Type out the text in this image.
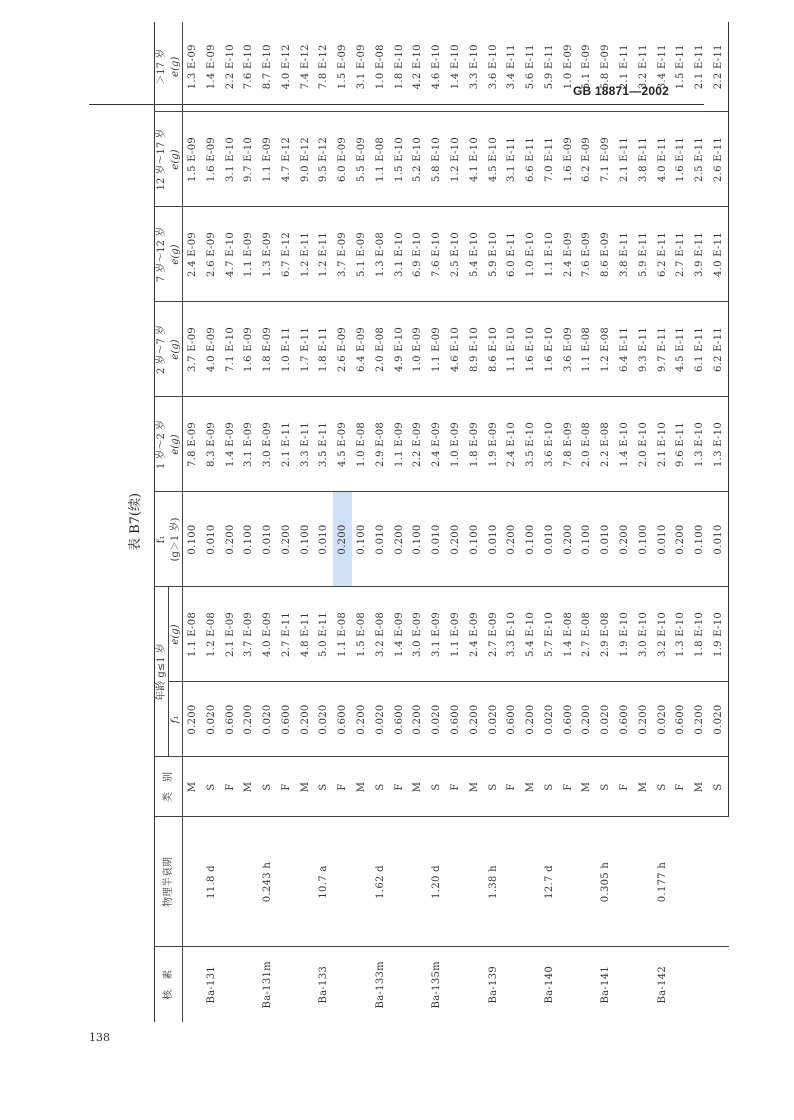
GB 18871—2002
表 B7(续)
核　素	物理半衰期	类　别	年龄 g≤1 岁		f₁	1 岁～2 岁	2 岁～7 岁	7 岁～12 岁	12 岁～17 岁	＞17 岁
			f₁	e(g)	(g＞1 岁)	e(g)	e(g)	e(g)	e(g)	e(g)
Ba-131	11.8 d	M	0.200	1.1 E-08	0.100	7.8 E-09	3.7 E-09	2.4 E-09	1.5 E-09	1.3 E-09
		S	0.020	1.2 E-08	0.010	8.3 E-09	4.0 E-09	2.6 E-09	1.6 E-09	1.4 E-09
		F	0.600	2.1 E-09	0.200	1.4 E-09	7.1 E-10	4.7 E-10	3.1 E-10	2.2 E-10
Ba-131m	0.243 h	M	0.200	3.7 E-09	0.100	3.1 E-09	1.6 E-09	1.1 E-09	9.7 E-10	7.6 E-10
		S	0.020	4.0 E-09	0.010	3.0 E-09	1.8 E-09	1.3 E-09	1.1 E-09	8.7 E-10
		F	0.600	2.7 E-11	0.200	2.1 E-11	1.0 E-11	6.7 E-12	4.7 E-12	4.0 E-12
Ba-133	10.7 a	M	0.200	4.8 E-11	0.100	3.3 E-11	1.7 E-11	1.2 E-11	9.0 E-12	7.4 E-12
		S	0.020	5.0 E-11	0.010	3.5 E-11	1.8 E-11	1.2 E-11	9.5 E-12	7.8 E-12
		F	0.600	1.1 E-08	0.200	4.5 E-09	2.6 E-09	3.7 E-09	6.0 E-09	1.5 E-09
Ba-133m	1.62 d	M	0.200	1.5 E-08	0.100	1.0 E-08	6.4 E-09	5.1 E-09	5.5 E-09	3.1 E-09
		S	0.020	3.2 E-08	0.010	2.9 E-08	2.0 E-08	1.3 E-08	1.1 E-08	1.0 E-08
		F	0.600	1.4 E-09	0.200	1.1 E-09	4.9 E-10	3.1 E-10	1.5 E-10	1.8 E-10
Ba-135m	1.20 d	M	0.200	3.0 E-09	0.100	2.2 E-09	1.0 E-09	6.9 E-10	5.2 E-10	4.2 E-10
		S	0.020	3.1 E-09	0.010	2.4 E-09	1.1 E-09	7.6 E-10	5.8 E-10	4.6 E-10
		F	0.600	1.1 E-09	0.200	1.0 E-09	4.6 E-10	2.5 E-10	1.2 E-10	1.4 E-10
Ba-139	1.38 h	M	0.200	2.4 E-09	0.100	1.8 E-09	8.9 E-10	5.4 E-10	4.1 E-10	3.3 E-10
		S	0.020	2.7 E-09	0.010	1.9 E-09	8.6 E-10	5.9 E-10	4.5 E-10	3.6 E-10
		F	0.600	3.3 E-10	0.200	2.4 E-10	1.1 E-10	6.0 E-11	3.1 E-11	3.4 E-11
Ba-140	12.7 d	M	0.200	5.4 E-10	0.100	3.5 E-10	1.6 E-10	1.0 E-10	6.6 E-11	5.6 E-11
		S	0.020	5.7 E-10	0.010	3.6 E-10	1.6 E-10	1.1 E-10	7.0 E-11	5.9 E-11
		F	0.600	1.4 E-08	0.200	7.8 E-09	3.6 E-09	2.4 E-09	1.6 E-09	1.0 E-09
Ba-141	0.305 h	M	0.200	2.7 E-08	0.100	2.0 E-08	1.1 E-08	7.6 E-09	6.2 E-09	5.1 E-09
		S	0.020	2.9 E-08	0.010	2.2 E-08	1.2 E-08	8.6 E-09	7.1 E-09	5.8 E-09
		F	0.600	1.9 E-10	0.200	1.4 E-10	6.4 E-11	3.8 E-11	2.1 E-11	2.1 E-11
Ba-142	0.177 h	M	0.200	3.0 E-10	0.100	2.0 E-10	9.3 E-11	5.9 E-11	3.8 E-11	3.2 E-11
		S	0.020	3.2 E-10	0.010	2.1 E-10	9.7 E-11	6.2 E-11	4.0 E-11	3.4 E-11
		F	0.600	1.3 E-10	0.200	9.6 E-11	4.5 E-11	2.7 E-11	1.6 E-11	1.5 E-11
		M	0.200	1.8 E-10	0.100	1.3 E-10	6.1 E-11	3.9 E-11	2.5 E-11	2.1 E-11
		S	0.020	1.9 E-10	0.010	1.3 E-10	6.2 E-11	4.0 E-11	2.6 E-11	2.2 E-11
138
